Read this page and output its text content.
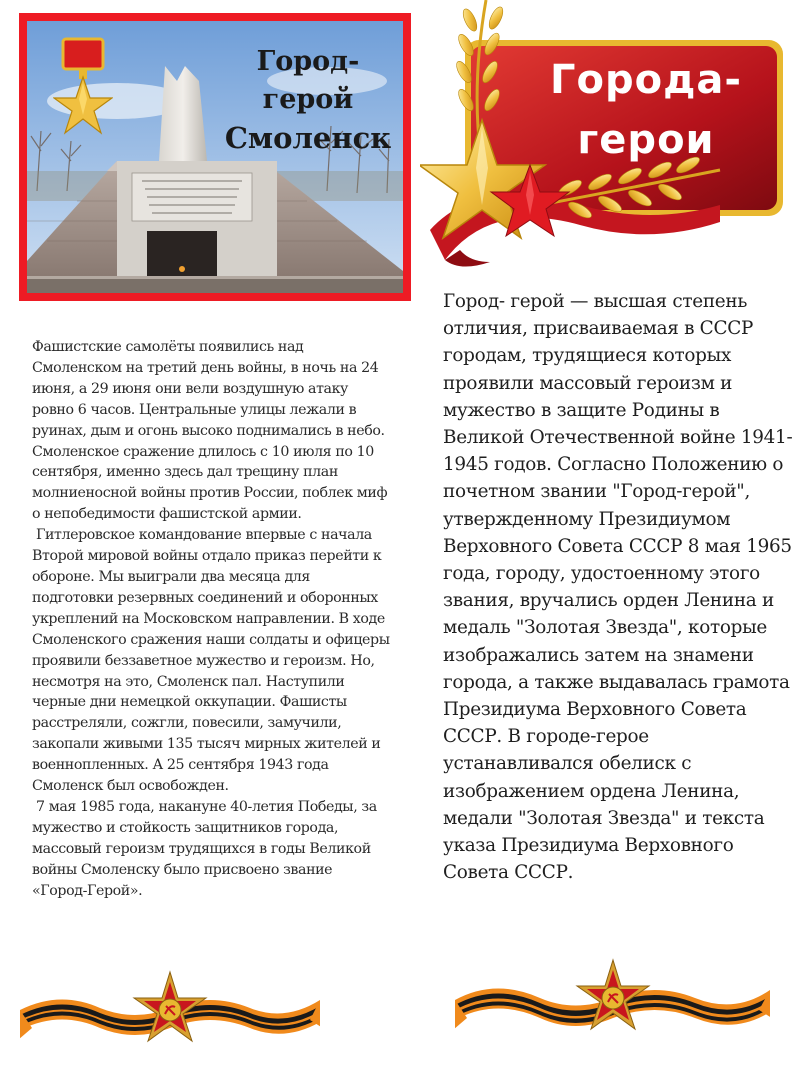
Город-герой
Смоленск
Города-
герои

Фашистские самолёты появились над Смоленском на третий день войны, в ночь на 24 июня, а 29 июня они вели воздушную атаку ровно 6 часов. Центральные улицы лежали в руинах, дым и огонь высоко поднимались в небо. Смоленское сражение длилось с 10 июля по 10 сентября, именно здесь дал трещину план молниеносной войны против России, поблек миф о непобедимости фашистской армии.

Гитлеровское командование впервые с начала Второй мировой войны отдало приказ перейти к обороне. Мы выиграли два месяца для подготовки резервных соединений и оборонных укреплений на Московском направлении. В ходе Смоленского сражения наши солдаты и офицеры проявили беззаветное мужество и героизм. Но, несмотря на это, Смоленск пал. Наступили черные дни немецкой оккупации. Фашисты расстреляли, сожгли, повесили, замучили, закопали живыми 135 тысяч мирных жителей и военнопленных. А 25 сентября 1943 года Смоленск был освобожден.

7 мая 1985 года, накануне 40-летия Победы, за мужество и стойкость защитников города, массовый героизм трудящихся в годы Великой войны Смоленску было присвоено звание «Город-Герой».

Город- герой — высшая степень отличия, присваиваемая в СССР городам, трудящиеся которых проявили массовый героизм и мужество в защите Родины в Великой Отечественной войне 1941-1945 годов. Согласно Положению о почетном звании "Город-герой", утвержденному Президиумом Верховного Совета СССР 8 мая 1965 года, городу, удостоенному этого звания, вручались орден Ленина и медаль "Золотая Звезда", которые изображались затем на знамени города, а также выдавалась грамота Президиума Верховного Совета СССР. В городе-герое устанавливался обелиск с изображением ордена Ленина, медали "Золотая Звезда" и текста указа Президиума Верховного Совета СССР.
